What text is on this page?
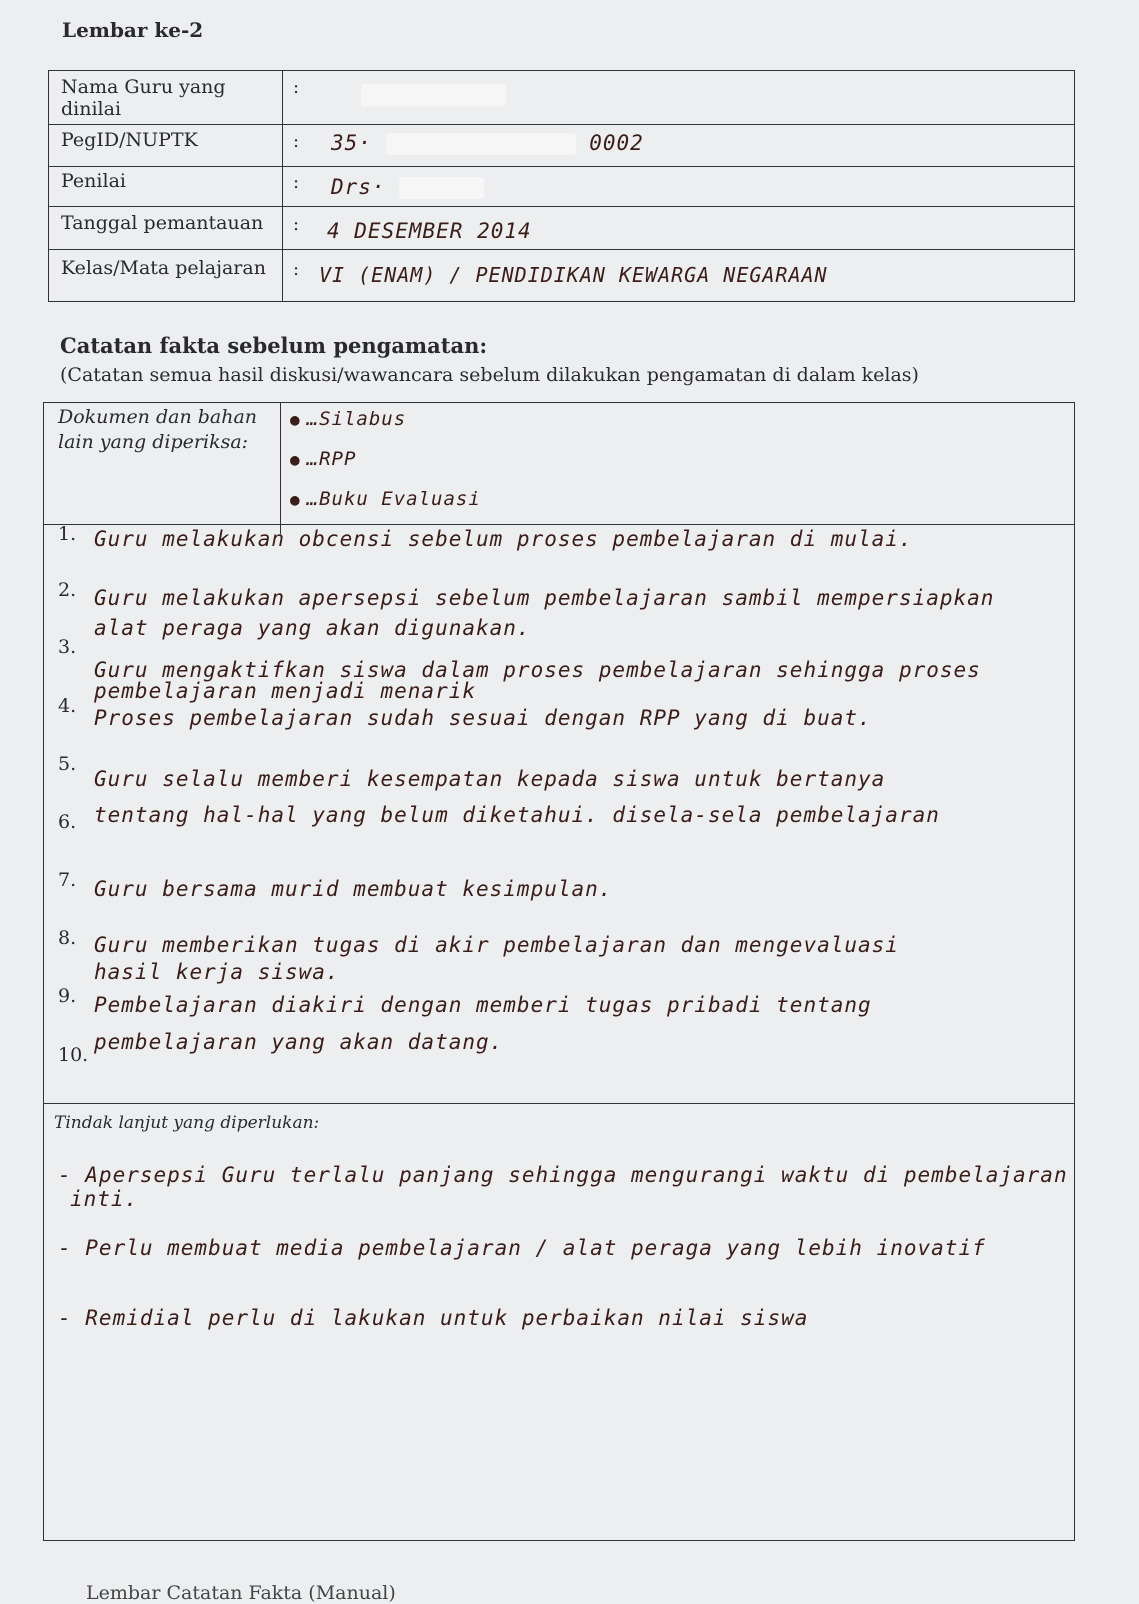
Lembar ke-2
Nama Guru yang dinilai
:
PegID/NUPTK	: 35·	0002
Penilai	: Drs·
Tanggal pemantauan	: 4 DESEMBER 2014
Kelas/Mata pelajaran : VI (ENAM) / PENDIDIKAN KEWARGA NEGARAAN
Catatan fakta sebelum pengamatan:
(Catatan semua hasil diskusi/wawancara sebelum dilakukan pengamatan di dalam kelas)
Dokumen dan bahan lain yang diperiksa:
● …Silabus
● …RPP
● …Buku Evaluasi
1.
2.
3.
4.
5.
6.
7.
8.
9.
10.
Guru melakukan obcensi sebelum proses pembelajaran di mulai.
Guru melakukan apersepsi sebelum pembelajaran sambil mempersiapkan
alat peraga yang akan digunakan.
Guru mengaktifkan siswa dalam proses pembelajaran sehingga proses
pembelajaran menjadi menarik
Proses pembelajaran sudah sesuai dengan RPP yang di buat.
Guru selalu memberi kesempatan kepada siswa untuk bertanya
tentang hal-hal yang belum diketahui. disela-sela pembelajaran
Guru bersama murid membuat kesimpulan.
Guru memberikan tugas di akir pembelajaran dan mengevaluasi
hasil kerja siswa.
Pembelajaran diakiri dengan memberi tugas pribadi tentang
pembelajaran yang akan datang.
Tindak lanjut yang diperlukan:
- Apersepsi Guru terlalu panjang sehingga mengurangi waktu di pembelajaran
inti.
- Perlu membuat media pembelajaran / alat peraga yang lebih inovatif
- Remidial perlu di lakukan untuk perbaikan nilai siswa
Lembar Catatan Fakta (Manual)
